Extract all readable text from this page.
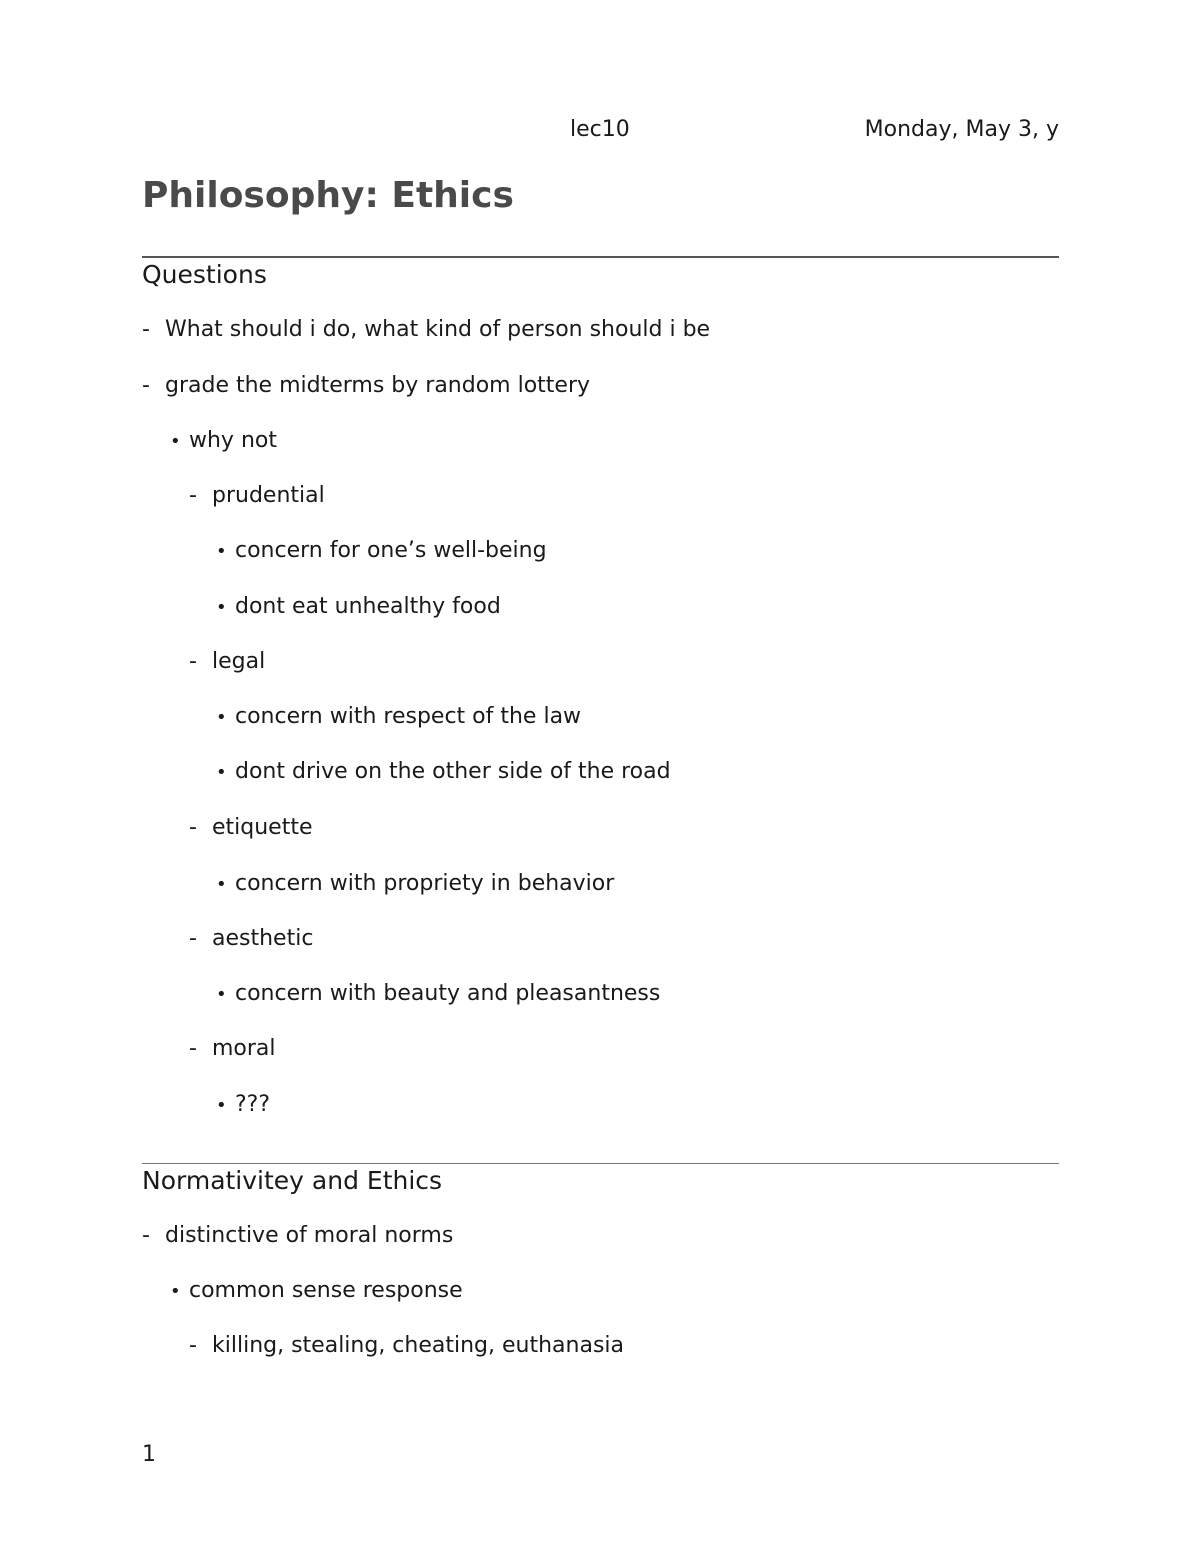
lec10	Monday, May 3, y
Philosophy: Ethics
Questions
- What should i do, what kind of person should i be
- grade the midterms by random lottery
• why not
- prudential
• concern for one’s well-being
• dont eat unhealthy food
- legal
• concern with respect of the law
• dont drive on the other side of the road
- etiquette
• concern with propriety in behavior
- aesthetic
• concern with beauty and pleasantness
- moral
• ???
Normativitey and Ethics
- distinctive of moral norms
• common sense response
- killing, stealing, cheating, euthanasia
1
